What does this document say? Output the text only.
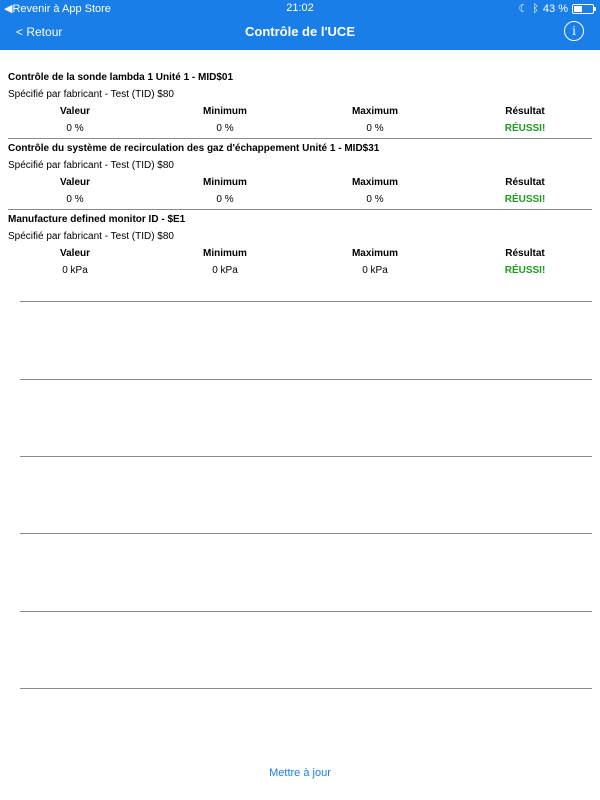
◀Revenir à App Store	21:02	☾ ᛒ 43 %
< Retour	Contrôle de l'UCE	i
Contrôle de la sonde lambda 1 Unité 1 - MID$01
Spécifié par fabricant - Test (TID) $80
Valeur	Minimum	Maximum	Résultat
0 %	0 %	0 %	RÉUSSI!
Contrôle du système de recirculation des gaz d'échappement Unité 1 - MID$31
Spécifié par fabricant - Test (TID) $80
Valeur	Minimum	Maximum	Résultat
0 %	0 %	0 %	RÉUSSI!
Manufacture defined monitor ID - $E1
Spécifié par fabricant - Test (TID) $80
Valeur	Minimum	Maximum	Résultat
0 kPa	0 kPa	0 kPa	RÉUSSI!
Mettre à jour
